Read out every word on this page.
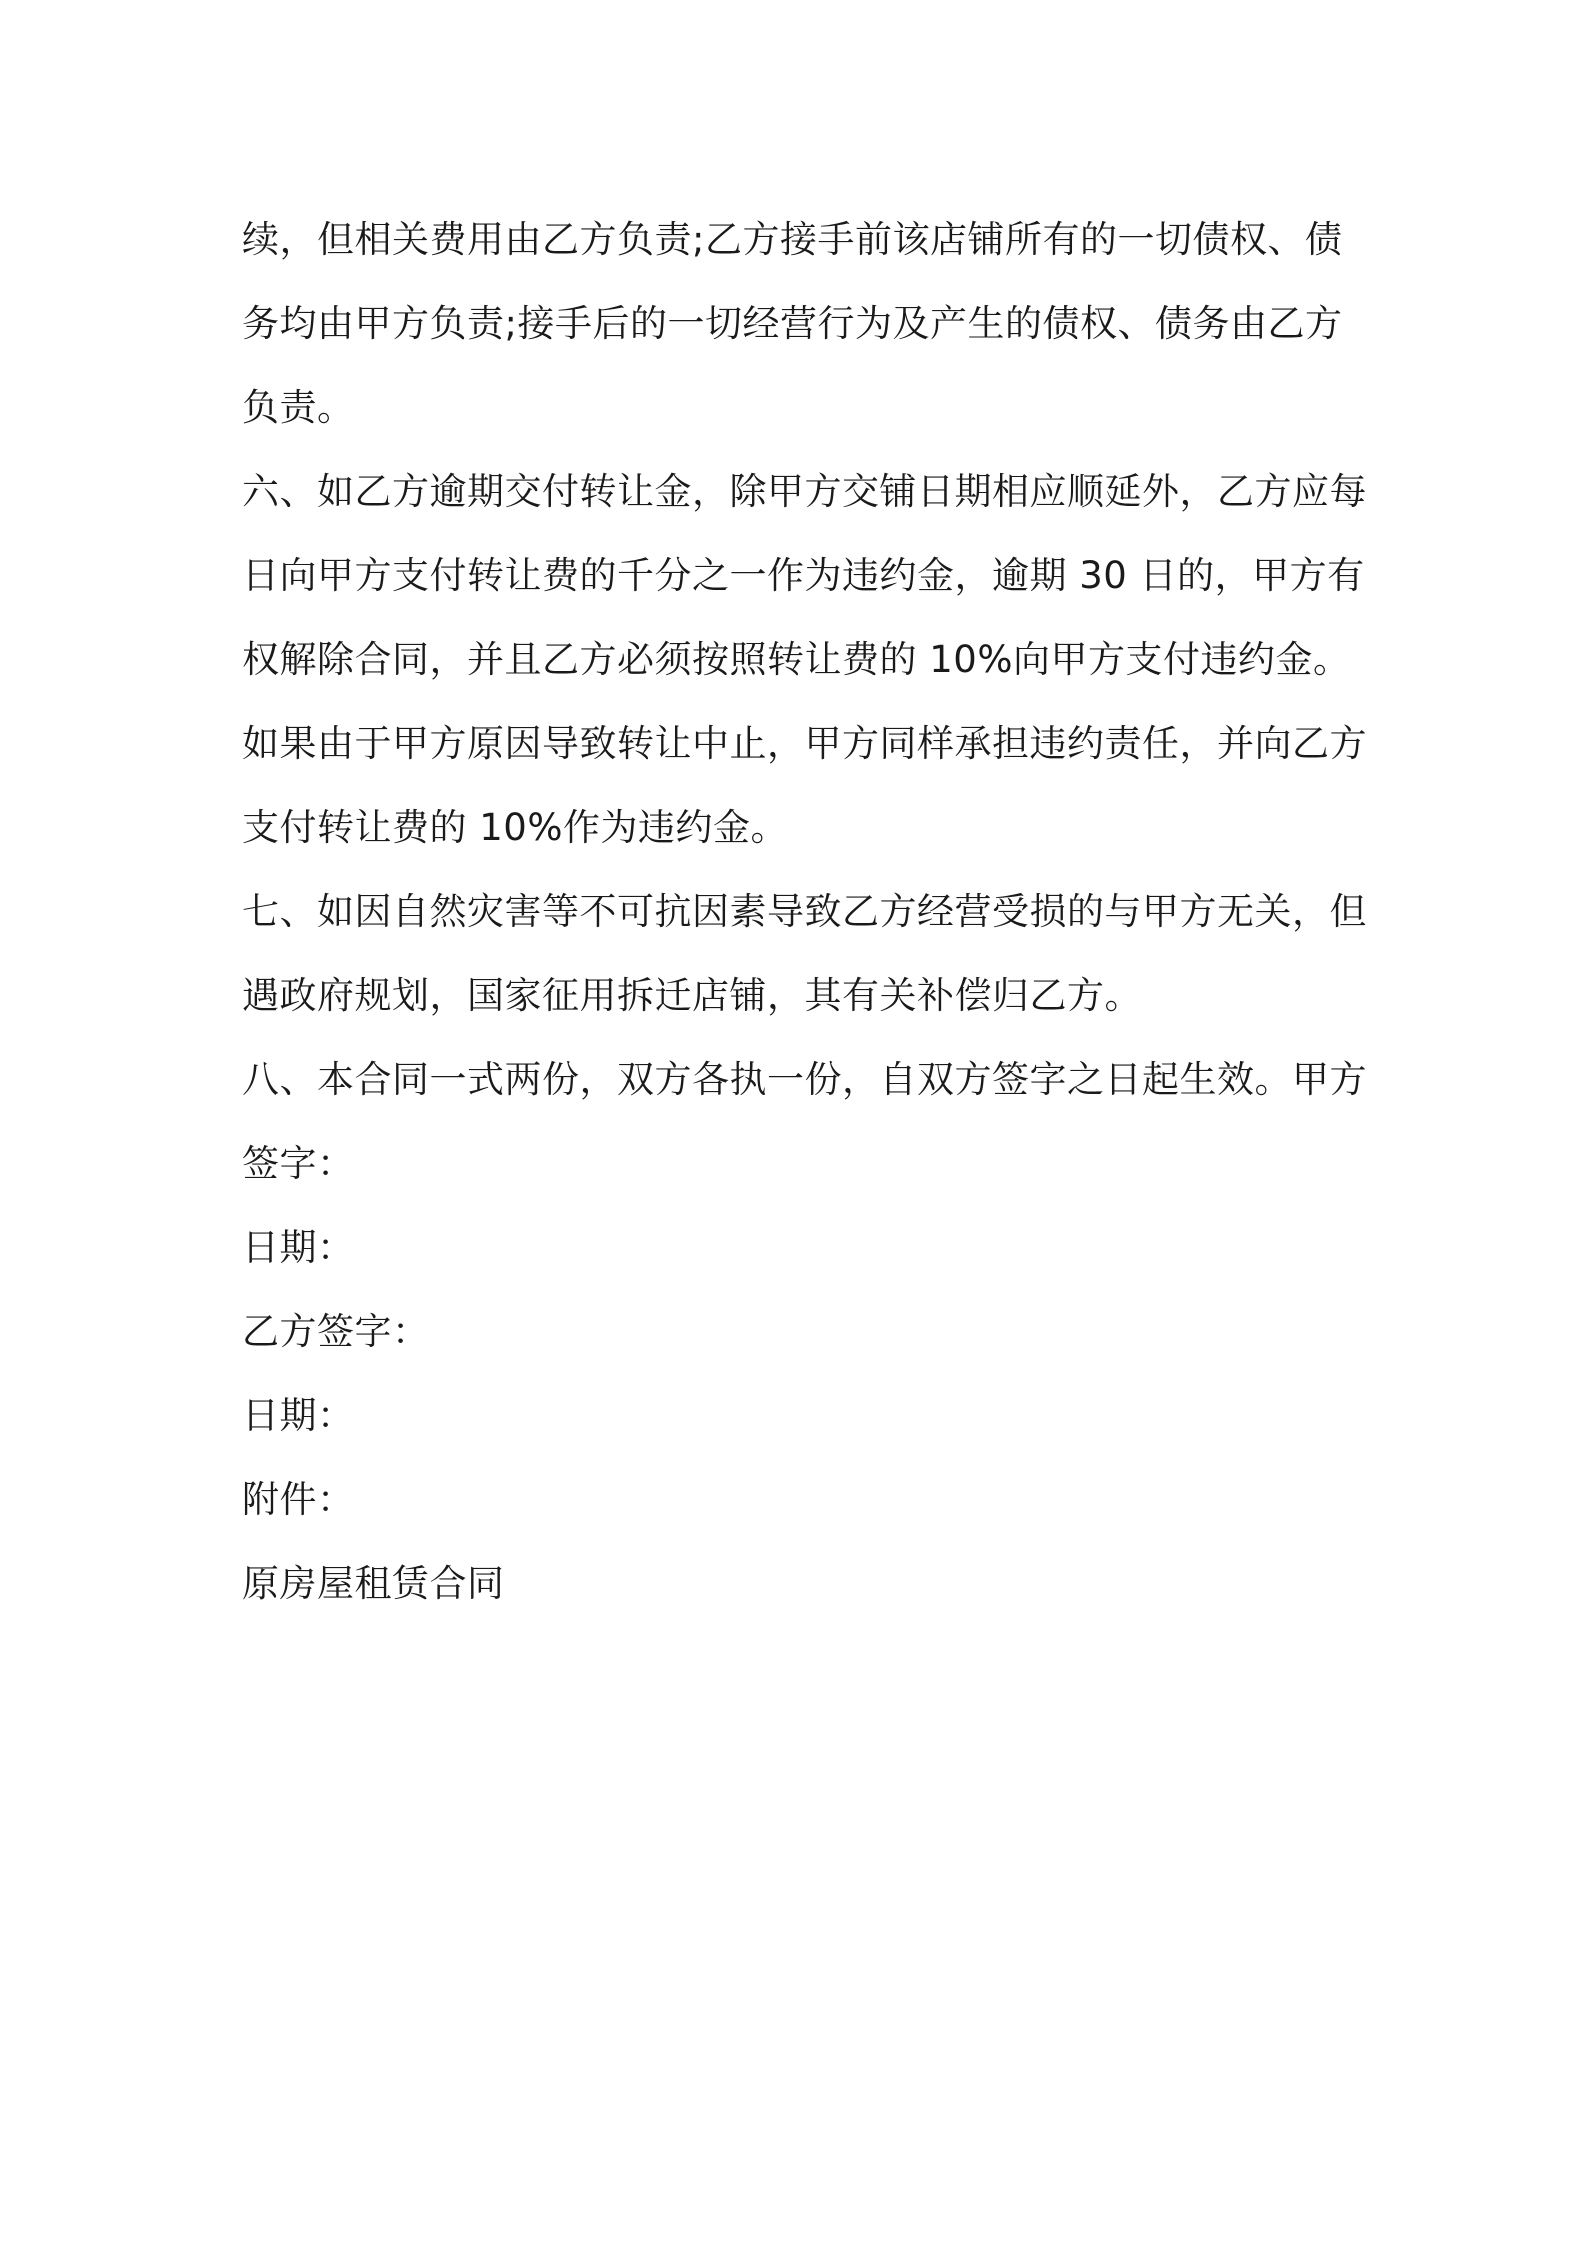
续，但相关费用由乙方负责;乙方接手前该店铺所有的一切债权、债
务均由甲方负责;接手后的一切经营行为及产生的债权、债务由乙方
负责。
六、如乙方逾期交付转让金，除甲方交铺日期相应顺延外，乙方应每
日向甲方支付转让费的千分之一作为违约金，逾期 30 日的，甲方有
权解除合同，并且乙方必须按照转让费的 10%向甲方支付违约金。
如果由于甲方原因导致转让中止，甲方同样承担违约责任，并向乙方
支付转让费的 10%作为违约金。
七、如因自然灾害等不可抗因素导致乙方经营受损的与甲方无关，但
遇政府规划，国家征用拆迁店铺，其有关补偿归乙方。
八、本合同一式两份，双方各执一份，自双方签字之日起生效。甲方
签字：
日期：
乙方签字：
日期：
附件：
原房屋租赁合同
